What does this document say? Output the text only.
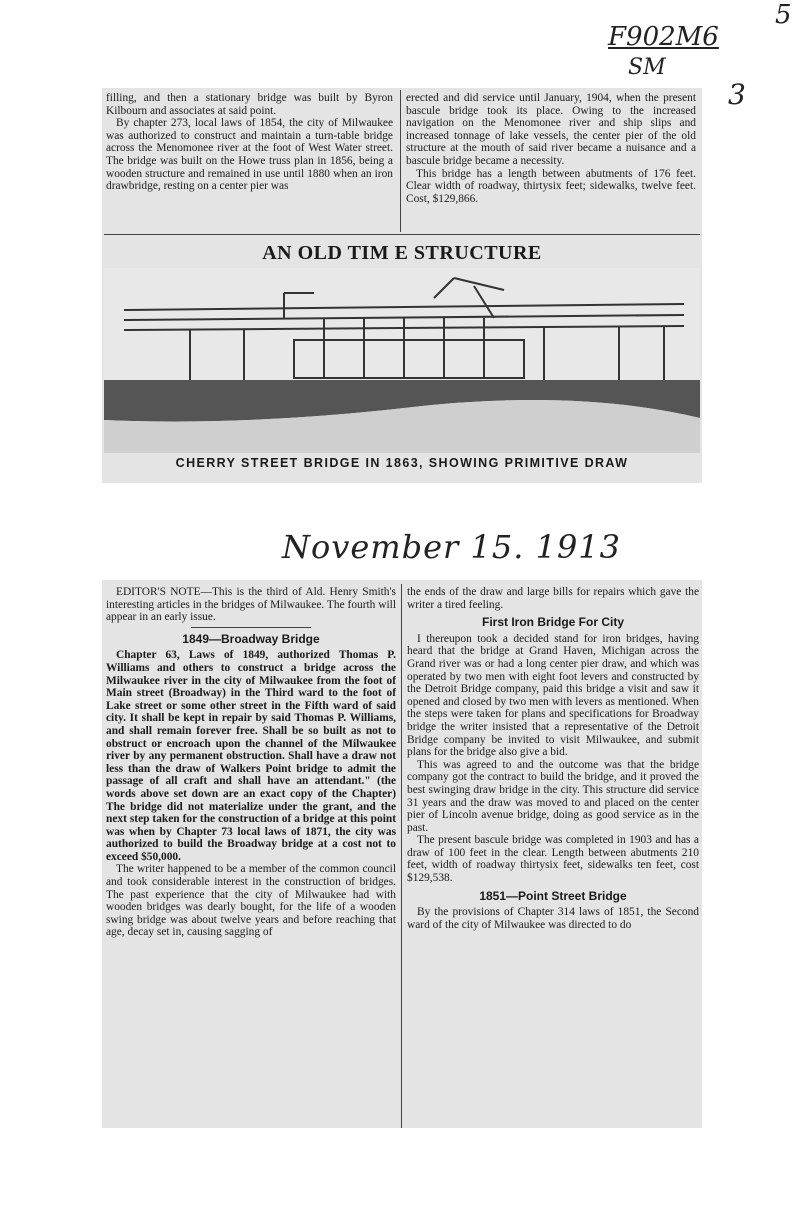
5
F902M6
SM
3
November 15. 1913

filling, and then a stationary bridge was built by Byron Kilbourn and associates at said point.

By chapter 273, local laws of 1854, the city of Milwaukee was authorized to construct and maintain a turn-table bridge across the Menomonee river at the foot of West Water street. The bridge was built on the Howe truss plan in 1856, being a wooden structure and remained in use until 1880 when an iron drawbridge, resting on a center pier was

erected and did service until January, 1904, when the present bascule bridge took its place. Owing to the increased navigation on the Menomonee river and ship slips and increased tonnage of lake vessels, the center pier of the old structure at the mouth of said river became a nuisance and a bascule bridge became a necessity.

This bridge has a length between abutments of 176 feet. Clear width of roadway, thirtysix feet; sidewalks, twelve feet. Cost, $129,866.

AN OLD TIM E STRUCTURE
CHERRY STREET BRIDGE IN 1863, SHOWING PRIMITIVE DRAW

EDITOR'S NOTE—This is the third of Ald. Henry Smith's interesting articles in the bridges of Milwaukee. The fourth will appear in an early issue.

1849—Broadway Bridge

Chapter 63, Laws of 1849, authorized Thomas P. Williams and others to construct a bridge across the Milwaukee river in the city of Milwaukee from the foot of Main street (Broadway) in the Third ward to the foot of Lake street or some other street in the Fifth ward of said city. It shall be kept in repair by said Thomas P. Williams, and shall remain forever free. Shall be so built as not to obstruct or encroach upon the channel of the Milwaukee river by any permanent obstruction. Shall have a draw not less than the draw of Walkers Point bridge to admit the passage of all craft and shall have an attendant." (the words above set down are an exact copy of the Chapter) The bridge did not materialize under the grant, and the next step taken for the construction of a bridge at this point was when by Chapter 73 local laws of 1871, the city was authorized to build the Broadway bridge at a cost not to exceed $50,000.

The writer happened to be a member of the common council and took considerable interest in the construction of bridges. The past experience that the city of Milwaukee had with wooden bridges was dearly bought, for the life of a wooden swing bridge was about twelve years and before reaching that age, decay set in, causing sagging of

the ends of the draw and large bills for repairs which gave the writer a tired feeling.

First Iron Bridge For City

I thereupon took a decided stand for iron bridges, having heard that the bridge at Grand Haven, Michigan across the Grand river was or had a long center pier draw, and which was operated by two men with eight foot levers and constructed by the Detroit Bridge company, paid this bridge a visit and saw it opened and closed by two men with levers as mentioned. When the steps were taken for plans and specifications for Broadway bridge the writer insisted that a representative of the Detroit Bridge company be invited to visit Milwaukee, and submit plans for the bridge also give a bid.

This was agreed to and the outcome was that the bridge company got the contract to build the bridge, and it proved the best swinging draw bridge in the city. This structure did service 31 years and the draw was moved to and placed on the center pier of Lincoln avenue bridge, doing as good service as in the past.

The present bascule bridge was completed in 1903 and has a draw of 100 feet in the clear. Length between abutments 210 feet, width of roadway thirtysix feet, sidewalks ten feet, cost $129,538.

1851—Point Street Bridge

By the provisions of Chapter 314 laws of 1851, the Second ward of the city of Milwaukee was directed to do
